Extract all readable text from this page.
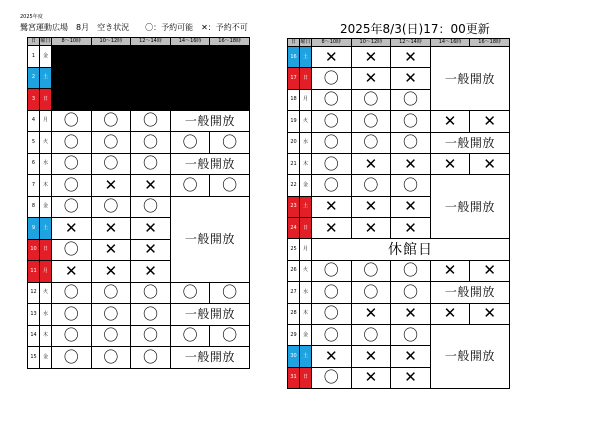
2025年度
鷺宮運動広場　8月　空き状況　　〇：予約可能　✕：予約不可	2025年8/3(日)17：00更新
日	曜日	8～10時	10～12時	12～14時	14～16時	16～18時
1	金					
2	土					
3	日					
4	月	〇	〇	〇	一般開放	
5	火	〇	〇	〇	〇	〇
6	水	〇	〇	〇	一般開放	
7	木	〇	✕	✕	〇	〇
8	金	〇	〇	〇	一般開放	
9	土	✕	✕	✕		
10	日	〇	✕	✕		
11	月	✕	✕	✕		
12	火	〇	〇	〇	〇	〇
13	水	〇	〇	〇	一般開放	
14	木	〇	〇	〇	〇	〇
15	金	〇	〇	〇	一般開放	
日	曜日	8～10時	10～12時	12～14時	14～16時	16～18時
16	土	✕	✕	✕	一般開放	
17	日	〇	✕	✕		
18	月	〇	〇	〇		
19	火	〇	〇	〇	✕	✕
20	水	〇	〇	〇	一般開放	
21	木	〇	✕	✕	✕	✕
22	金	〇	〇	〇	一般開放	
23	土	✕	✕	✕		
24	日	✕	✕	✕		
25	月	休館日				
26	火	〇	〇	〇	✕	✕
27	水	〇	〇	〇	一般開放	
28	木	〇	✕	✕	✕	✕
29	金	〇	〇	〇	一般開放	
30	土	✕	✕	✕		
31	日	〇	✕	✕		
